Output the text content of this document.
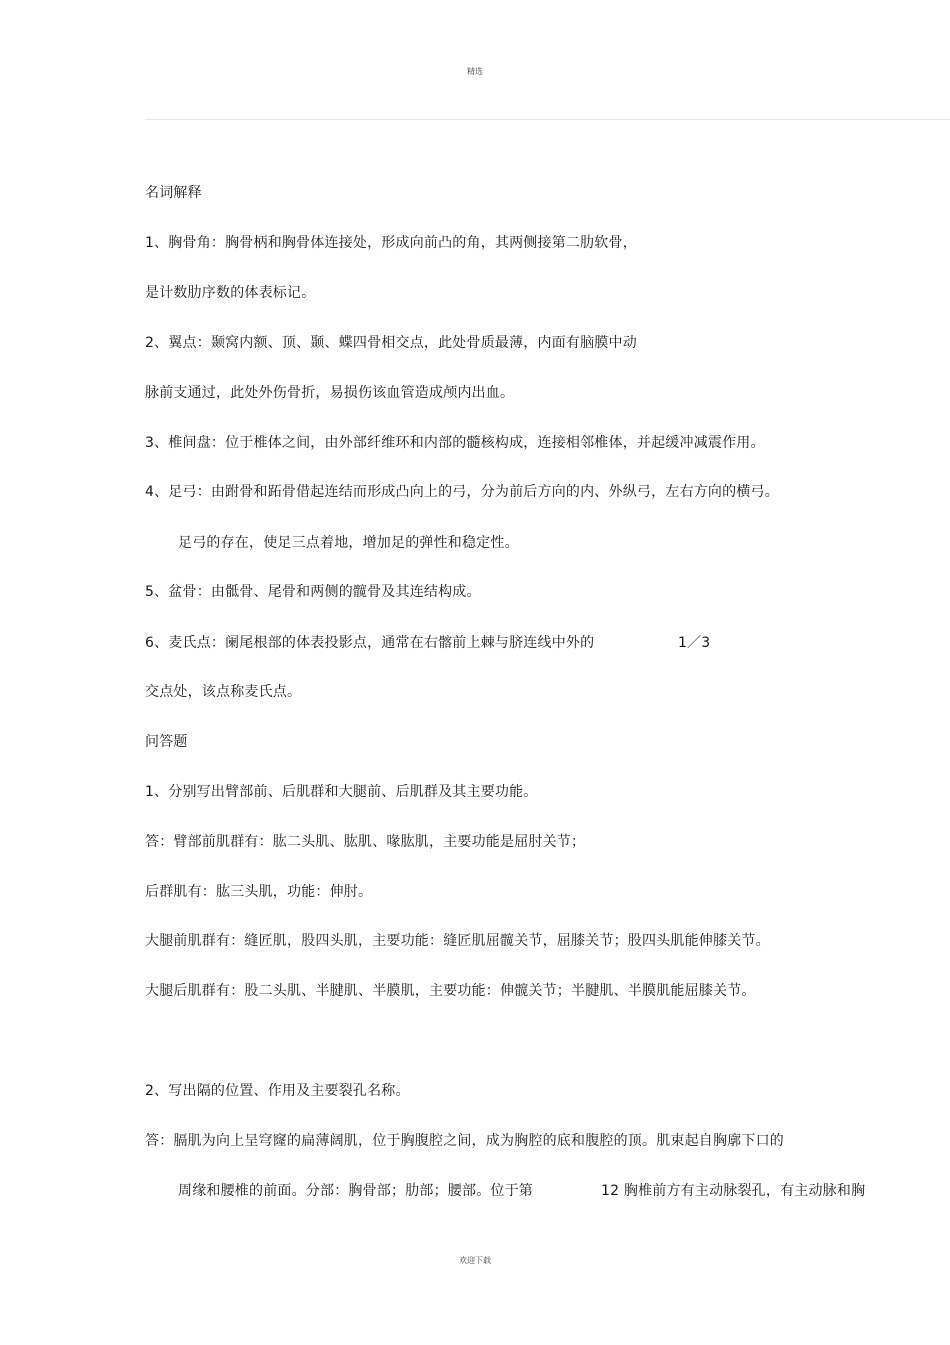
精选
名词解释
1、胸骨角：胸骨柄和胸骨体连接处，形成向前凸的角，其两侧接第二肋软骨，
是计数肋序数的体表标记。
2、翼点：颞窝内额、顶、颞、蝶四骨相交点，此处骨质最薄，内面有脑膜中动
脉前支通过，此处外伤骨折，易损伤该血管造成颅内出血。
3、椎间盘：位于椎体之间，由外部纤维环和内部的髓核构成，连接相邻椎体，并起缓冲减震作用。
4、足弓：由跗骨和跖骨借起连结而形成凸向上的弓，分为前后方向的内、外纵弓，左右方向的横弓。
足弓的存在，使足三点着地，增加足的弹性和稳定性。
5、盆骨：由骶骨、尾骨和两侧的髋骨及其连结构成。
6、麦氏点：阑尾根部的体表投影点，通常在右髂前上棘与脐连线中外的	1／3
交点处，该点称麦氏点。
问答题
1、分别写出臂部前、后肌群和大腿前、后肌群及其主要功能。
答：臂部前肌群有：肱二头肌、肱肌、喙肱肌，主要功能是屈肘关节；
后群肌有：肱三头肌，功能：伸肘。
大腿前肌群有：缝匠肌，股四头肌，主要功能：缝匠肌屈髋关节，屈膝关节；股四头肌能伸膝关节。
大腿后肌群有：股二头肌、半腱肌、半膜肌，主要功能：伸髋关节；半腱肌、半膜肌能屈膝关节。
2、写出隔的位置、作用及主要裂孔名称。
答：膈肌为向上呈穹窿的扁薄阔肌，位于胸腹腔之间，成为胸腔的底和腹腔的顶。肌束起自胸廓下口的
周缘和腰椎的前面。分部：胸骨部；肋部；腰部。位于第	12 胸椎前方有主动脉裂孔，有主动脉和胸
欢迎下载
